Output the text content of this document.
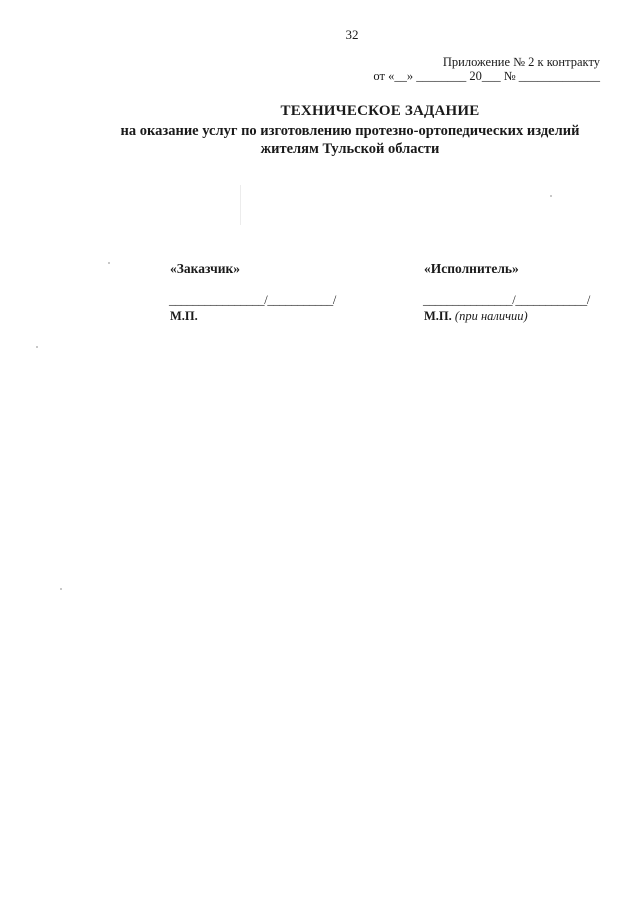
32
Приложение № 2 к контракту
от «__» ________ 20___ № _____________
ТЕХНИЧЕСКОЕ ЗАДАНИЕ
на оказание услуг по изготовлению протезно-ортопедических изделий
жителям Тульской области
«Заказчик»	«Исполнитель»
________________/___________/	_______________/____________/
М.П.	М.П. (при наличии)
